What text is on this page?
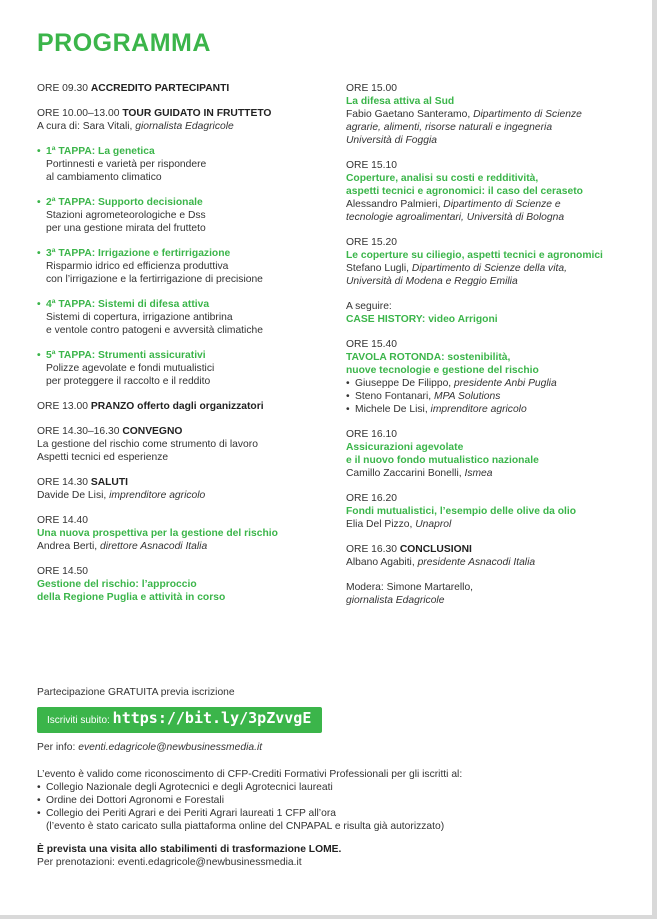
PROGRAMMA
ORE 09.30 ACCREDITO PARTECIPANTI
ORE 10.00–13.00 TOUR GUIDATO IN FRUTTETO
A cura di: Sara Vitali, giornalista Edagricole
• 1ª TAPPA: La genetica
Portinnesti e varietà per rispondere
al cambiamento climatico
• 2ª TAPPA: Supporto decisionale
Stazioni agrometeorologiche e Dss
per una gestione mirata del frutteto
• 3ª TAPPA: Irrigazione e fertirrigazione
Risparmio idrico ed efficienza produttiva
con l’irrigazione e la fertirrigazione di precisione
• 4ª TAPPA: Sistemi di difesa attiva
Sistemi di copertura, irrigazione antibrina
e ventole contro patogeni e avversità climatiche
• 5ª TAPPA: Strumenti assicurativi
Polizze agevolate e fondi mutualistici
per proteggere il raccolto e il reddito
ORE 13.00 PRANZO offerto dagli organizzatori
ORE 14.30–16.30 CONVEGNO
La gestione del rischio come strumento di lavoro
Aspetti tecnici ed esperienze
ORE 14.30 SALUTI
Davide De Lisi, imprenditore agricolo
ORE 14.40
Una nuova prospettiva per la gestione del rischio
Andrea Berti, direttore Asnacodi Italia
ORE 14.50
Gestione del rischio: l’approccio
della Regione Puglia e attività in corso
ORE 15.00
La difesa attiva al Sud
Fabio Gaetano Santeramo, Dipartimento di Scienze
agrarie, alimenti, risorse naturali e ingegneria
Università di Foggia
ORE 15.10
Coperture, analisi su costi e redditività,
aspetti tecnici e agronomici: il caso del ceraseto
Alessandro Palmieri, Dipartimento di Scienze e
tecnologie agroalimentari, Università di Bologna
ORE 15.20
Le coperture su ciliegio, aspetti tecnici e agronomici
Stefano Lugli, Dipartimento di Scienze della vita,
Università di Modena e Reggio Emilia
A seguire:
CASE HISTORY: video Arrigoni
ORE 15.40
TAVOLA ROTONDA: sostenibilità,
nuove tecnologie e gestione del rischio
• Giuseppe De Filippo, presidente Anbi Puglia
• Steno Fontanari, MPA Solutions
• Michele De Lisi, imprenditore agricolo
ORE 16.10
Assicurazioni agevolate
e il nuovo fondo mutualistico nazionale
Camillo Zaccarini Bonelli, Ismea
ORE 16.20
Fondi mutualistici, l’esempio delle olive da olio
Elia Del Pizzo, Unaprol
ORE 16.30 CONCLUSIONI
Albano Agabiti, presidente Asnacodi Italia
Modera: Simone Martarello,
giornalista Edagricole
Partecipazione GRATUITA previa iscrizione
Iscriviti subito: https://bit.ly/3pZvvgE
Per info: eventi.edagricole@newbusinessmedia.it
L’evento è valido come riconoscimento di CFP-Crediti Formativi Professionali per gli iscritti al:
• Collegio Nazionale degli Agrotecnici e degli Agrotecnici laureati
• Ordine dei Dottori Agronomi e Forestali
• Collegio dei Periti Agrari e dei Periti Agrari laureati 1 CFP all’ora
(l’evento è stato caricato sulla piattaforma online del CNPAPAL e risulta già autorizzato)
È prevista una visita allo stabilimenti di trasformazione LOME.
Per prenotazioni: eventi.edagricole@newbusinessmedia.it
